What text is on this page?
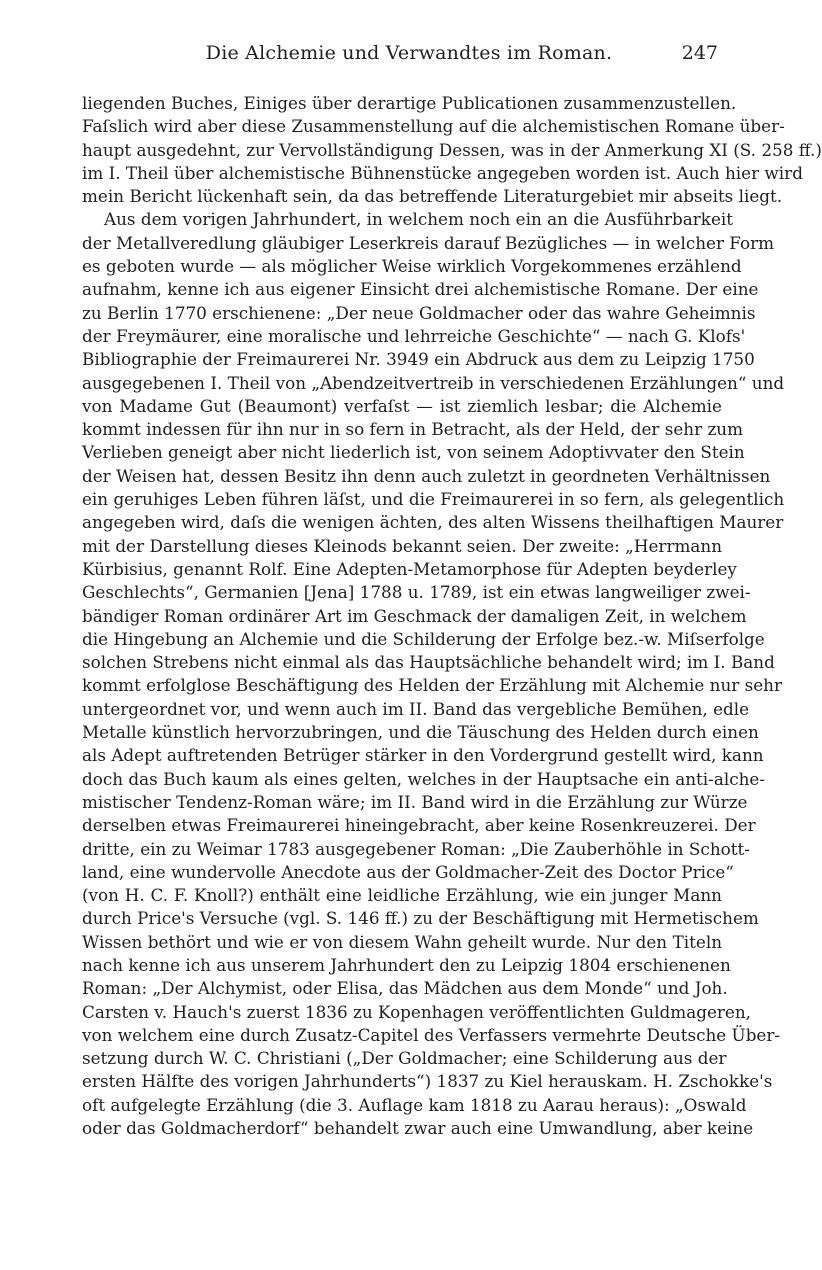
Die Alchemie und Verwandtes im Roman.	247
liegenden Buches, Einiges über derartige Publicationen zusammenzustellen.
Faſslich wird aber diese Zusammenstellung auf die alchemistischen Romane über-
haupt ausgedehnt, zur Vervollständigung Dessen, was in der Anmerkung XI (S. 258 ff.)
im I. Theil über alchemistische Bühnenstücke angegeben worden ist. Auch hier wird
mein Bericht lückenhaft sein, da das betreffende Literaturgebiet mir abseits liegt.
Aus dem vorigen Jahrhundert, in welchem noch ein an die Ausführbarkeit
der Metallveredlung gläubiger Leserkreis darauf Bezügliches — in welcher Form
es geboten wurde — als möglicher Weise wirklich Vorgekommenes erzählend
aufnahm, kenne ich aus eigener Einsicht drei alchemistische Romane. Der eine
zu Berlin 1770 erschienene: „Der neue Goldmacher oder das wahre Geheimnis
der Freymäurer, eine moralische und lehrreiche Geschichte“ — nach G. Klofs'
Bibliographie der Freimaurerei Nr. 3949 ein Abdruck aus dem zu Leipzig 1750
ausgegebenen I. Theil von „Abendzeitvertreib in verschiedenen Erzählungen“ und
von Madame Gut (Beaumont) verfaſst — ist ziemlich lesbar; die Alchemie
kommt indessen für ihn nur in so fern in Betracht, als der Held, der sehr zum
Verlieben geneigt aber nicht liederlich ist, von seinem Adoptivvater den Stein
der Weisen hat, dessen Besitz ihn denn auch zuletzt in geordneten Verhältnissen
ein geruhiges Leben führen läſst, und die Freimaurerei in so fern, als gelegentlich
angegeben wird, daſs die wenigen ächten, des alten Wissens theilhaftigen Maurer
mit der Darstellung dieses Kleinods bekannt seien. Der zweite: „Herrmann
Kürbisius, genannt Rolf. Eine Adepten-Metamorphose für Adepten beyderley
Geschlechts“, Germanien [Jena] 1788 u. 1789, ist ein etwas langweiliger zwei-
bändiger Roman ordinärer Art im Geschmack der damaligen Zeit, in welchem
die Hingebung an Alchemie und die Schilderung der Erfolge bez.-w. Miſserfolge
solchen Strebens nicht einmal als das Hauptsächliche behandelt wird; im I. Band
kommt erfolglose Beschäftigung des Helden der Erzählung mit Alchemie nur sehr
untergeordnet vor, und wenn auch im II. Band das vergebliche Bemühen, edle
Metalle künstlich hervorzubringen, und die Täuschung des Helden durch einen
als Adept auftretenden Betrüger stärker in den Vordergrund gestellt wird, kann
doch das Buch kaum als eines gelten, welches in der Hauptsache ein anti-alche-
mistischer Tendenz-Roman wäre; im II. Band wird in die Erzählung zur Würze
derselben etwas Freimaurerei hineingebracht, aber keine Rosenkreuzerei. Der
dritte, ein zu Weimar 1783 ausgegebener Roman: „Die Zauberhöhle in Schott-
land, eine wundervolle Anecdote aus der Goldmacher-Zeit des Doctor Price“
(von H. C. F. Knoll?) enthält eine leidliche Erzählung, wie ein junger Mann
durch Price's Versuche (vgl. S. 146 ff.) zu der Beschäftigung mit Hermetischem
Wissen bethört und wie er von diesem Wahn geheilt wurde. Nur den Titeln
nach kenne ich aus unserem Jahrhundert den zu Leipzig 1804 erschienenen
Roman: „Der Alchymist, oder Elisa, das Mädchen aus dem Monde“ und Joh.
Carsten v. Hauch's zuerst 1836 zu Kopenhagen veröffentlichten Guldmageren,
von welchem eine durch Zusatz-Capitel des Verfassers vermehrte Deutsche Über-
setzung durch W. C. Christiani („Der Goldmacher; eine Schilderung aus der
ersten Hälfte des vorigen Jahrhunderts“) 1837 zu Kiel herauskam. H. Zschokke's
oft aufgelegte Erzählung (die 3. Auflage kam 1818 zu Aarau heraus): „Oswald
oder das Goldmacherdorf“ behandelt zwar auch eine Umwandlung, aber keine
